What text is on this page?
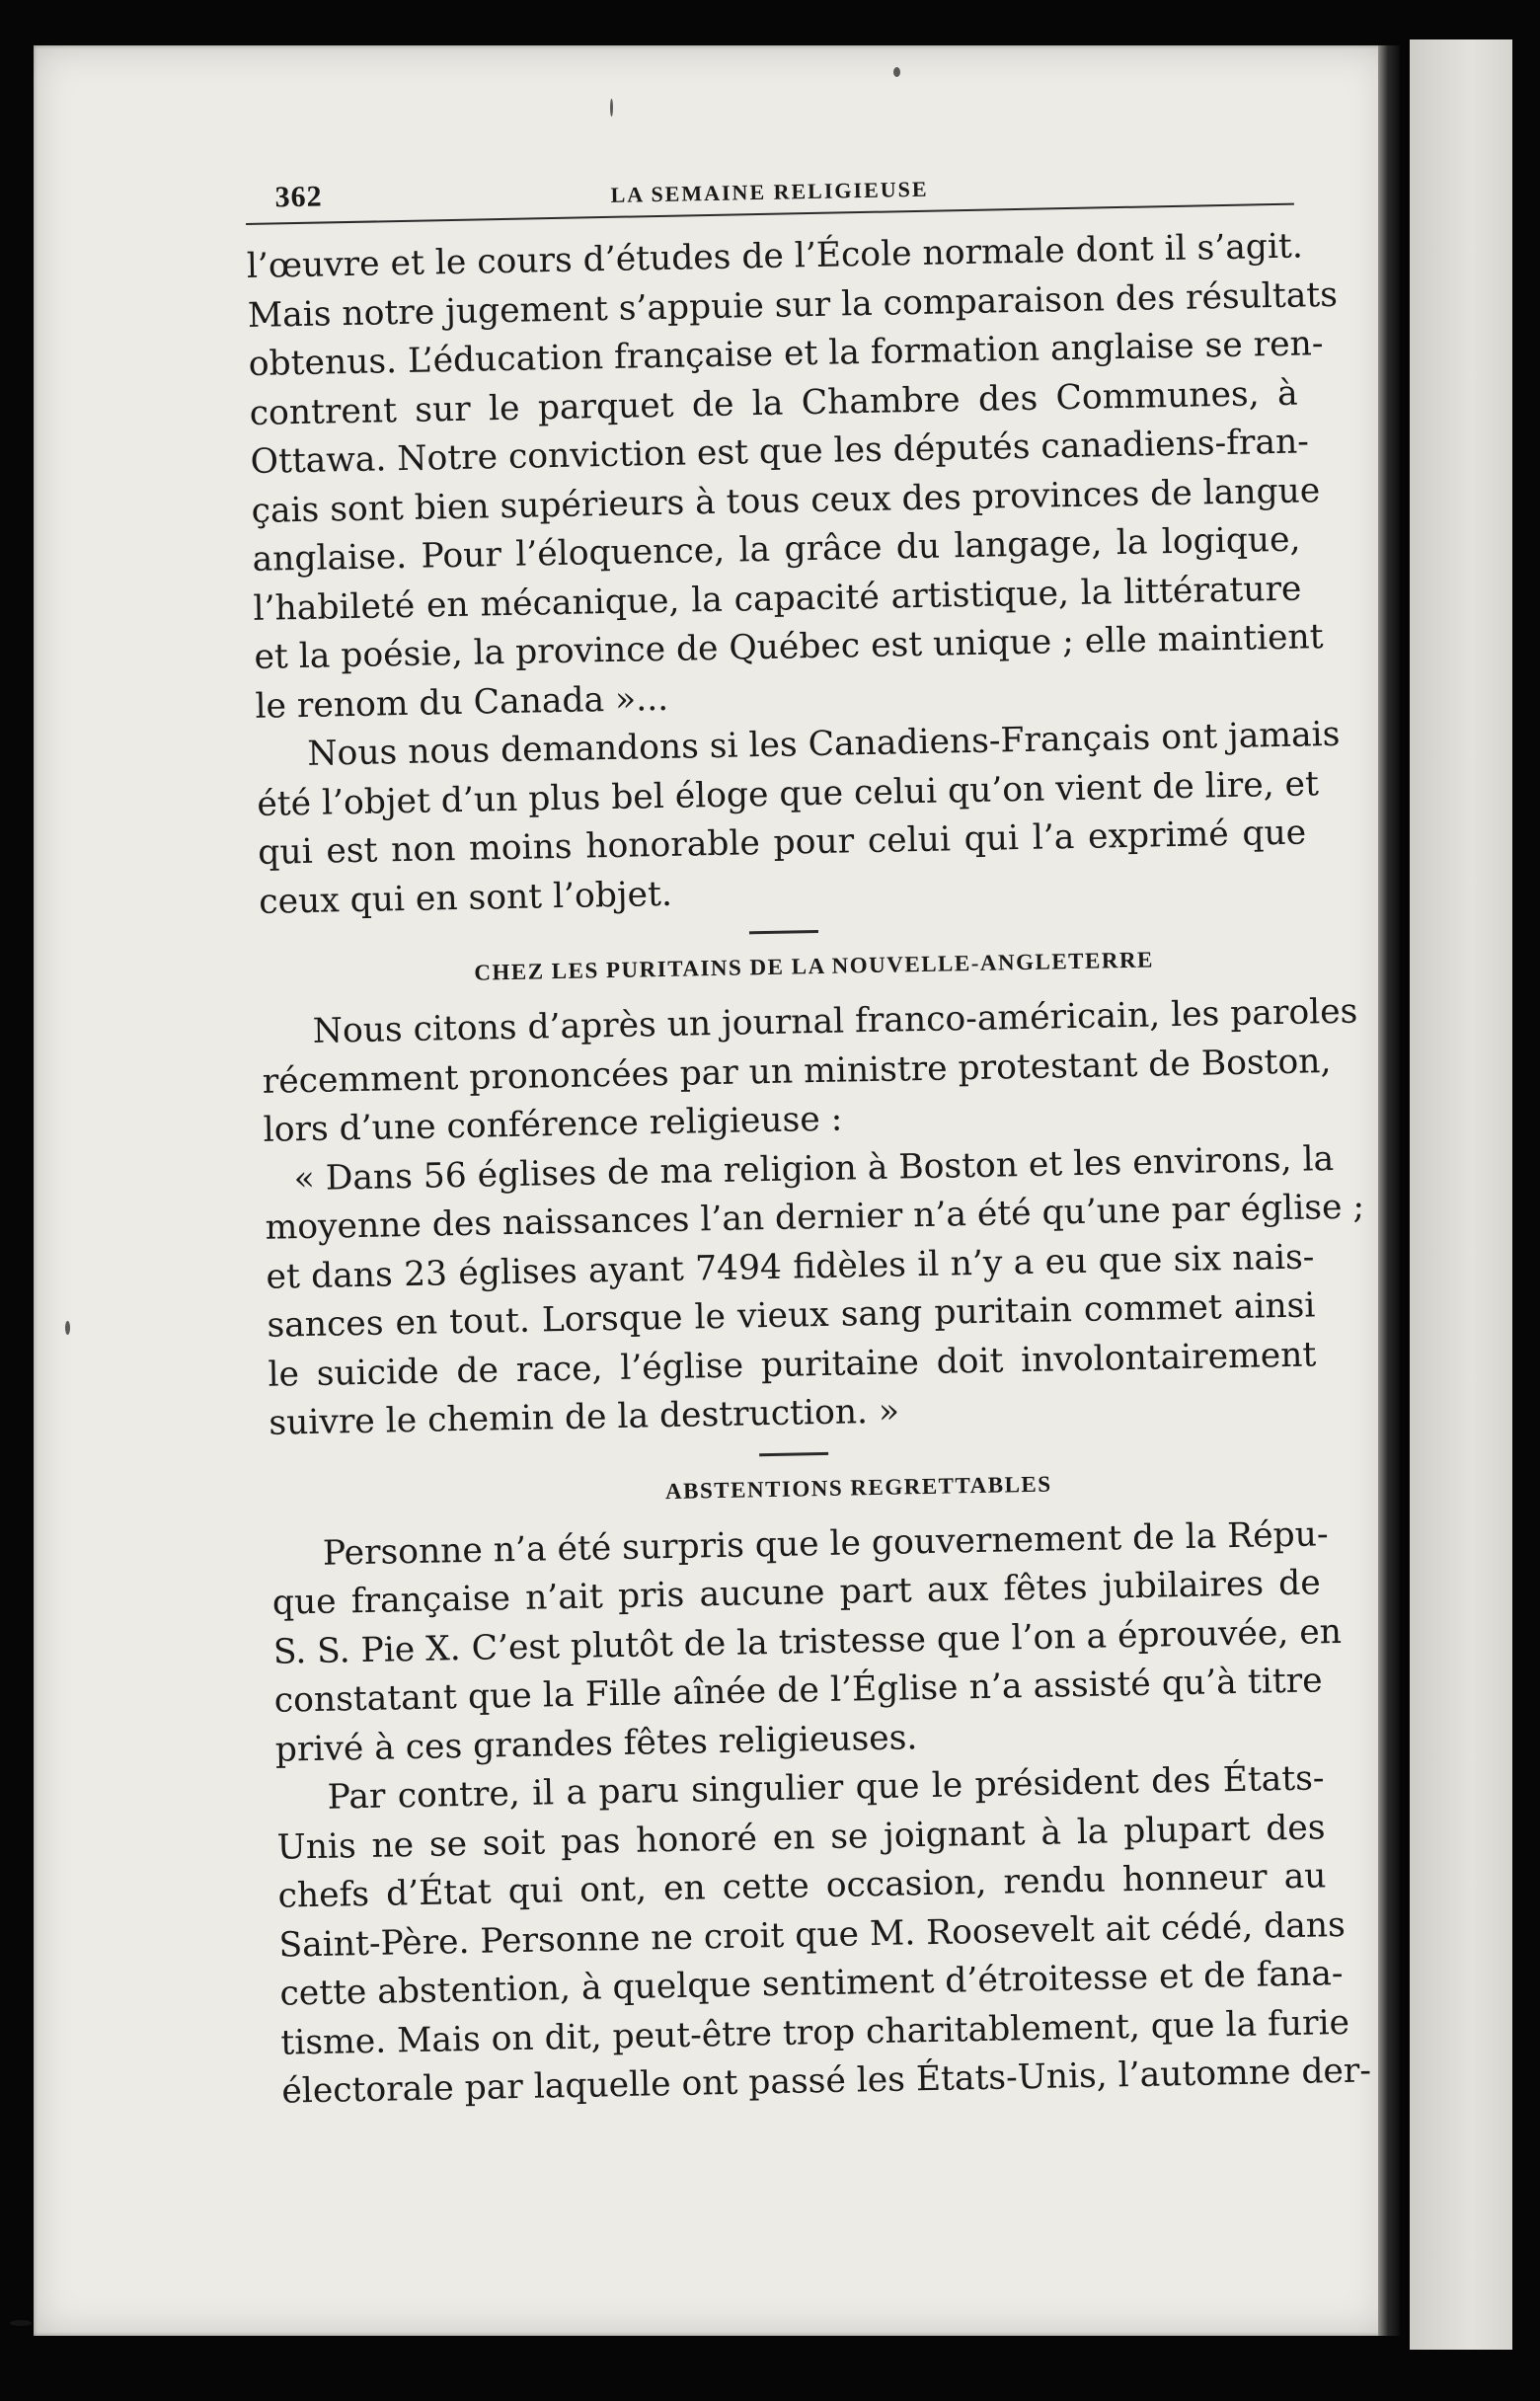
362	LA SEMAINE RELIGIEUSE
l’œuvre et le cours d’études de l’École normale dont il s’agit.
Mais notre jugement s’appuie sur la comparaison des résultats
obtenus. L’éducation française et la formation anglaise se ren-
contrent sur le parquet de la Chambre des Communes, à
Ottawa. Notre conviction est que les députés canadiens-fran-
çais sont bien supérieurs à tous ceux des provinces de langue
anglaise. Pour l’éloquence, la grâce du langage, la logique,
l’habileté en mécanique, la capacité artistique, la littérature
et la poésie, la province de Québec est unique ; elle maintient
le renom du Canada »...
Nous nous demandons si les Canadiens-Français ont jamais
été l’objet d’un plus bel éloge que celui qu’on vient de lire, et
qui est non moins honorable pour celui qui l’a exprimé que
ceux qui en sont l’objet.
CHEZ LES PURITAINS DE LA NOUVELLE-ANGLETERRE
Nous citons d’après un journal franco-américain, les paroles
récemment prononcées par un ministre protestant de Boston,
lors d’une conférence religieuse :
« Dans 56 églises de ma religion à Boston et les environs, la
moyenne des naissances l’an dernier n’a été qu’une par église ;
et dans 23 églises ayant 7494 fidèles il n’y a eu que six nais-
sances en tout. Lorsque le vieux sang puritain commet ainsi
le suicide de race, l’église puritaine doit involontairement
suivre le chemin de la destruction. »
ABSTENTIONS REGRETTABLES
Personne n’a été surpris que le gouvernement de la Répu-
que française n’ait pris aucune part aux fêtes jubilaires de
S. S. Pie X. C’est plutôt de la tristesse que l’on a éprouvée, en
constatant que la Fille aînée de l’Église n’a assisté qu’à titre
privé à ces grandes fêtes religieuses.
Par contre, il a paru singulier que le président des États-
Unis ne se soit pas honoré en se joignant à la plupart des
chefs d’État qui ont, en cette occasion, rendu honneur au
Saint-Père. Personne ne croit que M. Roosevelt ait cédé, dans
cette abstention, à quelque sentiment d’étroitesse et de fana-
tisme. Mais on dit, peut-être trop charitablement, que la furie
électorale par laquelle ont passé les États-Unis, l’automne der-
